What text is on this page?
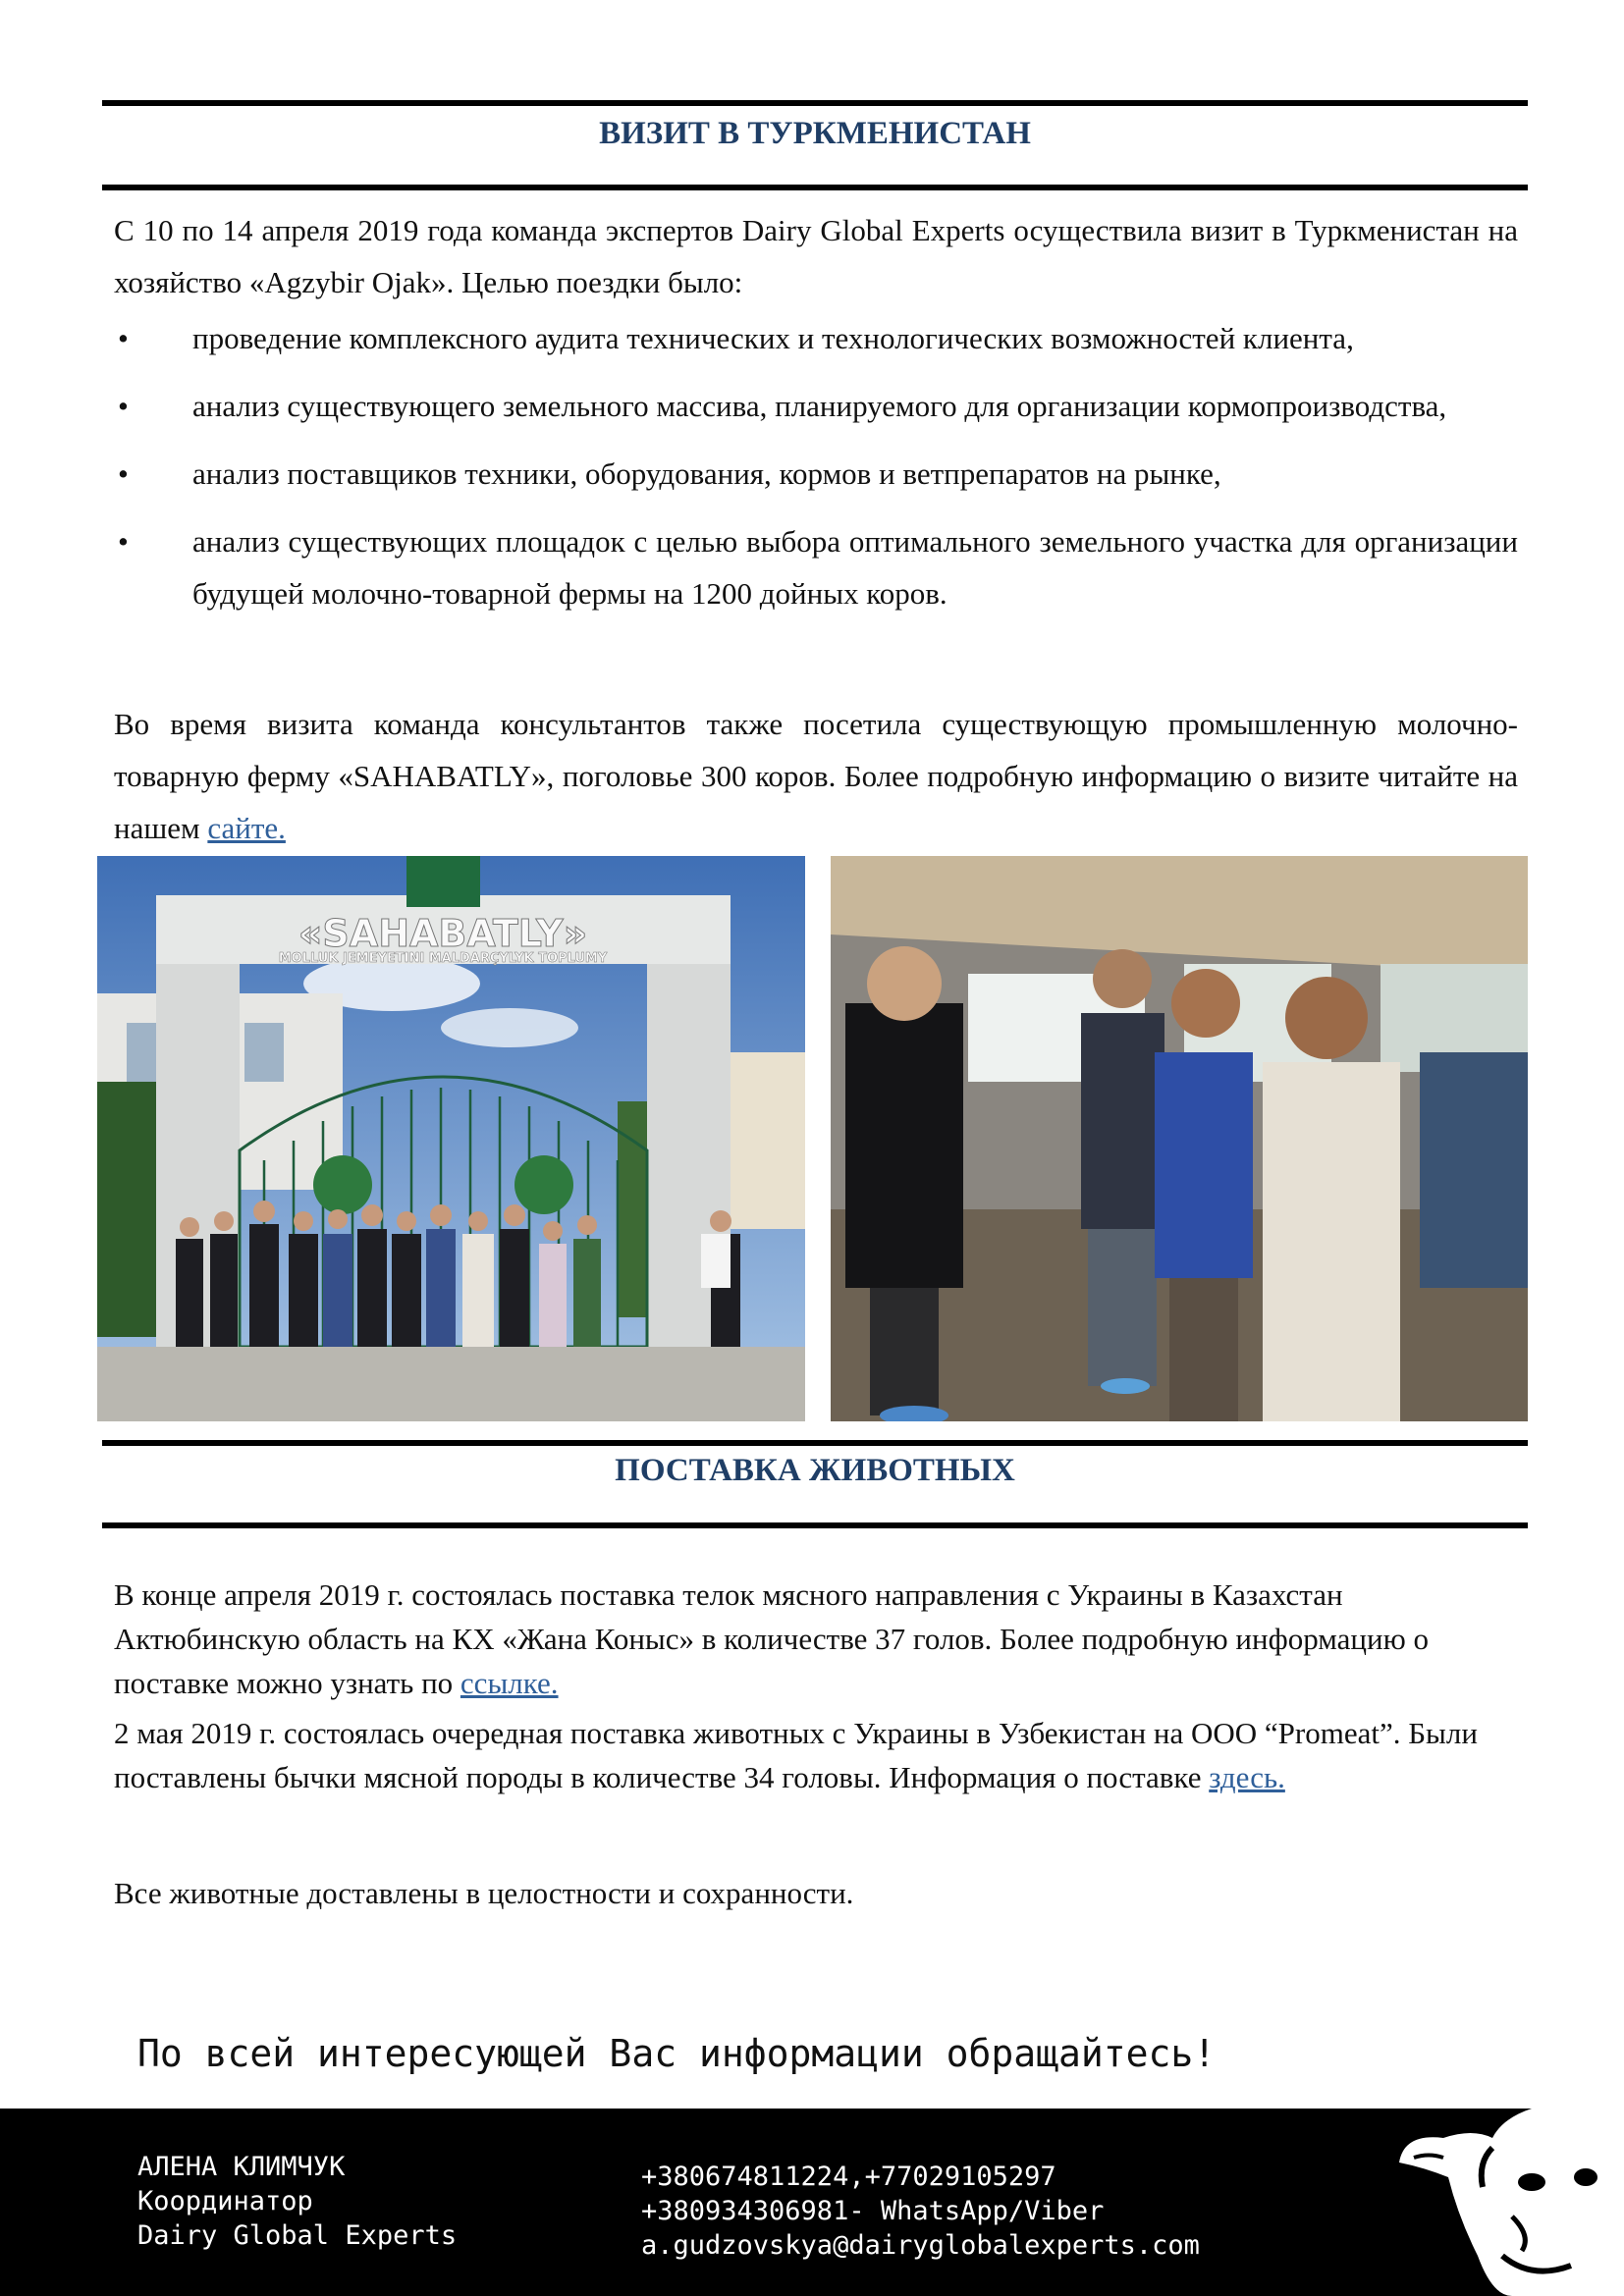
ВИЗИТ В ТУРКМЕНИСТАН
С 10 по 14 апреля 2019 года команда экспертов Dairy Global Experts осуществила визит в Туркменистан на хозяйство «Agzybir Ojak». Целью поездки было:
• проведение комплексного аудита технических и технологических возможностей клиента,
• анализ существующего земельного массива, планируемого для организации кормопроизводства,
• анализ поставщиков техники, оборудования, кормов и ветпрепаратов на рынке,
• анализ существующих площадок с целью выбора оптимального земельного участка для организации будущей молочно-товарной фермы на 1200 дойных коров.
Во время визита команда консультантов также посетила существующую промышленную молочно-товарную ферму «SAHABATLY», поголовье 300 коров. Более подробную информацию о визите читайте на нашем сайте.
«SAHABATLY»
MOLLUK JEMEYETINI MALDARÇYLYK TOPLUMY
ПОСТАВКА ЖИВОТНЫХ
В конце апреля 2019 г. состоялась поставка телок мясного направления с Украины в Казахстан Актюбинскую область на КХ «Жана Коныс» в количестве 37 голов. Более подробную информацию о поставке можно узнать по ссылке.
2 мая 2019 г. состоялась очередная поставка животных с Украины в Узбекистан на ООО “Promeat”. Были поставлены бычки мясной породы в количестве 34 головы. Информация о поставке здесь.
Все животные доставлены в целостности и сохранности.
По всей интересующей Вас информации обращайтесь!
АЛЕНА КЛИМЧУК
Координатор
Dairy Global Experts
+380674811224,+77029105297
+380934306981- WhatsApp/Viber
a.gudzovskya@dairyglobalexperts.com
